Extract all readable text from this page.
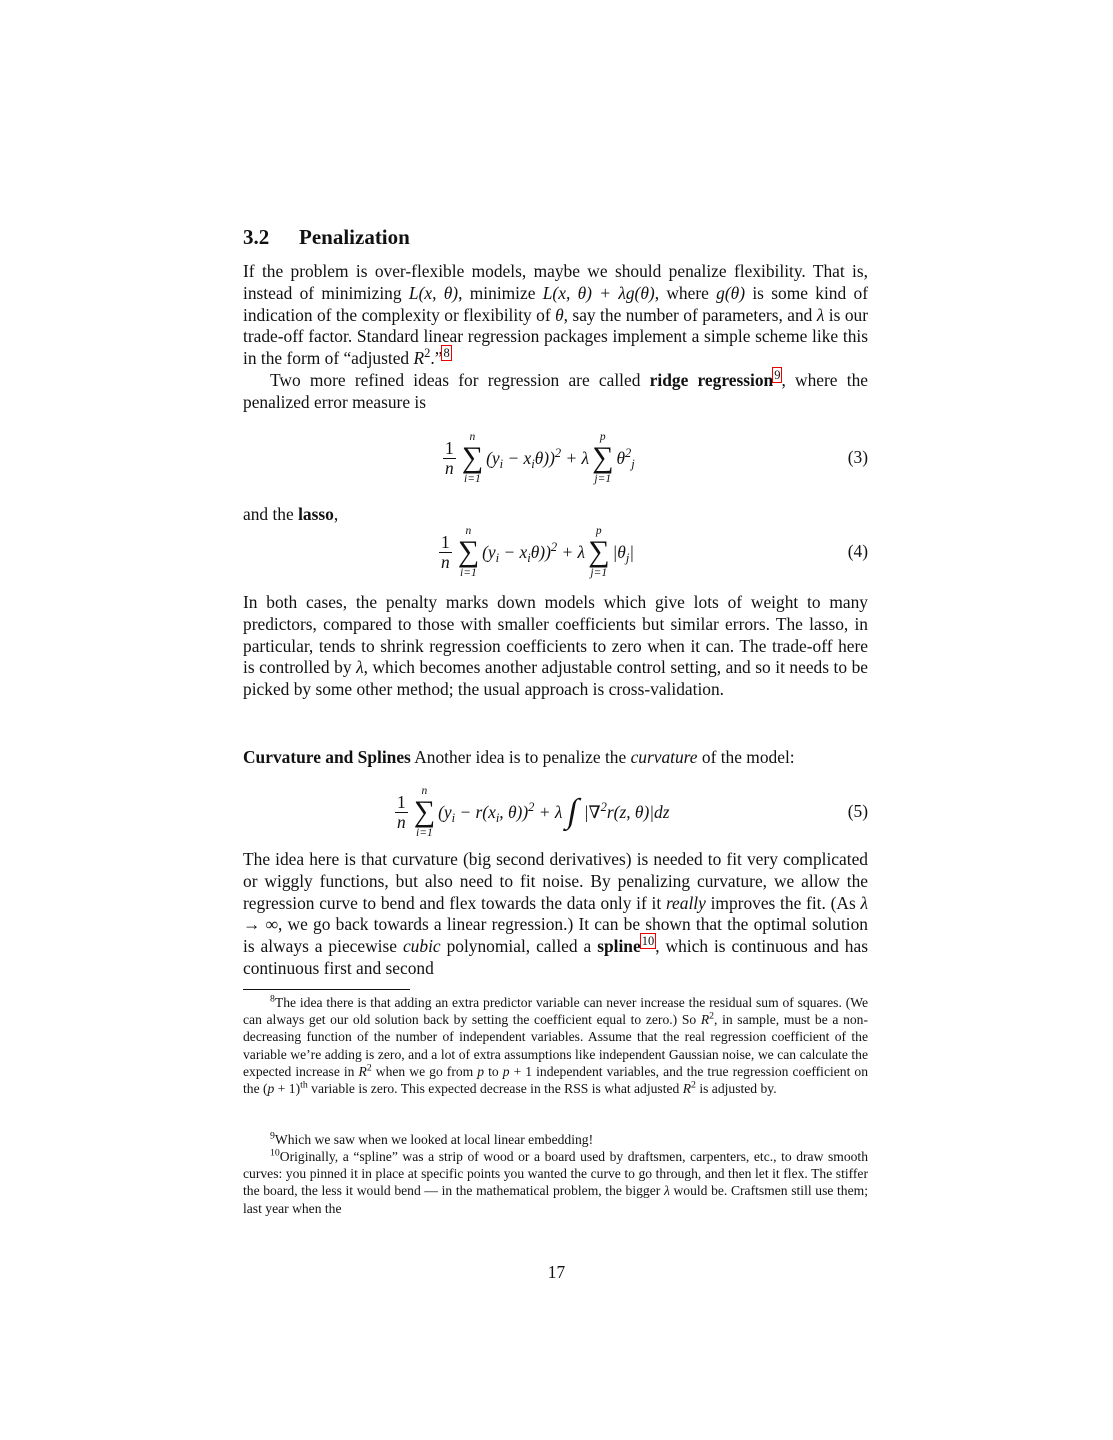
3.2 Penalization
If the problem is over-flexible models, maybe we should penalize flexibility. That is, instead of minimizing L(x, θ), minimize L(x, θ) + λg(θ), where g(θ) is some kind of indication of the complexity or flexibility of θ, say the number of parameters, and λ is our trade-off factor. Standard linear regression packages implement a simple scheme like this in the form of “adjusted $R^2.”^8$
Two more refined ideas for regression are called ridge regression$^9$, where the penalized error measure is
$\frac{1}{n}$
n
∑
i=1
$(y_i - x_i\theta))^2 + \lambda$
p
∑
j=1
$\theta^2_j$	(3)
and the lasso,
$\frac{1}{n}$
n
∑
i=1
$(y_i - x_i\theta))^2 + \lambda$
p
∑
j=1
$|\theta_j|$	(4)
In both cases, the penalty marks down models which give lots of weight to many predictors, compared to those with smaller coefficients but similar errors. The lasso, in particular, tends to shrink regression coefficients to zero when it can. The trade-off here is controlled by λ, which becomes another adjustable control setting, and so it needs to be picked by some other method; the usual approach is cross-validation.
Curvature and Splines Another idea is to penalize the curvature of the model:
$\frac{1}{n}$
n
∑
i=1
($y_i - r(x_i$, θ))$^2$ + λ ∫ |∇$^2$r(z, θ)|dz	(5)
The idea here is that curvature (big second derivatives) is needed to fit very complicated or wiggly functions, but also need to fit noise. By penalizing curvature, we allow the regression curve to bend and flex towards the data only if it really improves the fit. (As λ → ∞, we go back towards a linear regression.) It can be shown that the optimal solution is always a piecewise cubic polynomial, called a spline$^{10}$, which is continuous and has continuous first and second
$^8$The idea there is that adding an extra predictor variable can never increase the residual sum of squares. (We can always get our old solution back by setting the coefficient equal to zero.) So $R^2$, in sample, must be a non-decreasing function of the number of independent variables. Assume that the real regression coefficient of the variable we’re adding is zero, and a lot of extra assumptions like independent Gaussian noise, we can calculate the expected increase in $R^2$ when we go from p to p + 1 independent variables, and the true regression coefficient on the $(p + 1)^{th}$ variable is zero. This expected decrease in the RSS is what adjusted $R^2$ is adjusted by.
$^9$Which we saw when we looked at local linear embedding!
$^{10}$Originally, a “spline” was a strip of wood or a board used by draftsmen, carpenters, etc., to draw smooth curves: you pinned it in place at specific points you wanted the curve to go through, and then let it flex. The stiffer the board, the less it would bend — in the mathematical problem, the bigger λ would be. Craftsmen still use them; last year when the
17
